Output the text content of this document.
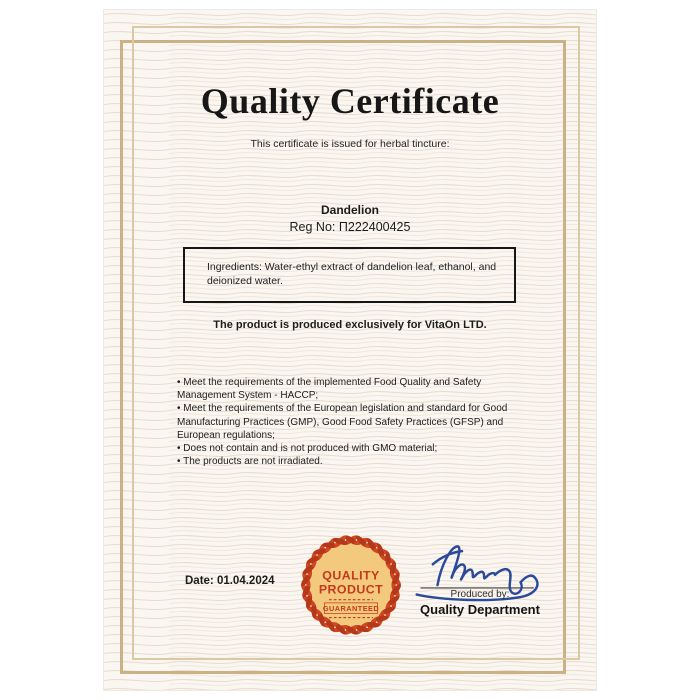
Quality Certificate
This certificate is issued for herbal tincture:
Dandelion
Reg No: Π222400425
Ingredients: Water-ethyl extract of dandelion leaf, ethanol, and deionized water.
The product is produced exclusively for VitaOn LTD.
• Meet the requirements of the implemented Food Quality and Safety Management System - HACCP;
• Meet the requirements of the European legislation and standard for Good Manufacturing Practices (GMP), Good Food Safety Practices (GFSP) and European regulations;
• Does not contain and is not produced with GMO material;
• The products are not irradiated.
Date: 01.04.2024	QUALITY
PRODUCT
GUARANTEED
Produced by:
Quality Department
